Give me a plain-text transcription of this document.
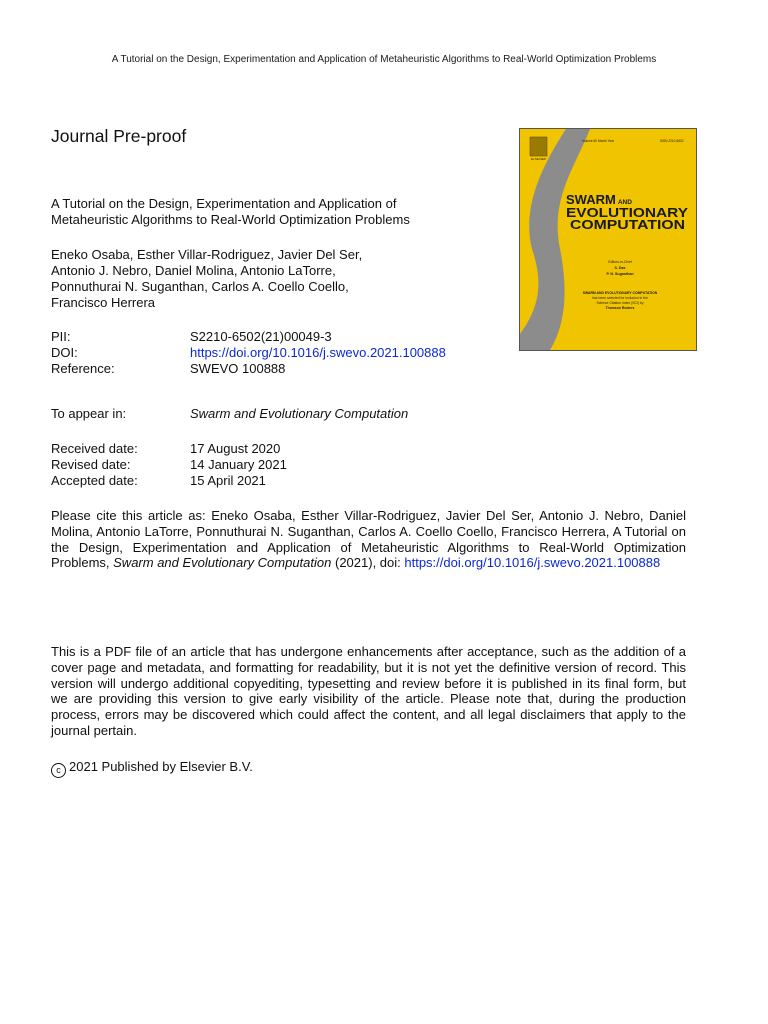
A Tutorial on the Design, Experimentation and Application of Metaheuristic Algorithms to Real-World Optimization Problems
Journal Pre-proof
A Tutorial on the Design, Experimentation and Application of
Metaheuristic Algorithms to Real-World Optimization Problems
Eneko Osaba, Esther Villar-Rodriguez, Javier Del Ser,
Antonio J. Nebro, Daniel Molina, Antonio LaTorre,
Ponnuthurai N. Suganthan, Carlos A. Coello Coello,
Francisco Herrera
PII:	S2210-6502(21)00049-3
DOI:	https://doi.org/10.1016/j.swevo.2021.100888
Reference:	SWEVO 100888
To appear in:	Swarm and Evolutionary Computation
Received date:	17 August 2020
Revised date:	14 January 2021
Accepted date:	15 April 2021
Please cite this article as: Eneko Osaba, Esther Villar-Rodriguez, Javier Del Ser, Antonio J. Nebro, Daniel Molina, Antonio LaTorre, Ponnuthurai N. Suganthan, Carlos A. Coello Coello, Francisco Herrera, A Tutorial on the Design, Experimentation and Application of Metaheuristic Algorithms to Real-World Optimization Problems, Swarm and Evolutionary Computation (2021), doi: https://doi.org/10.1016/j.swevo.2021.100888
This is a PDF file of an article that has undergone enhancements after acceptance, such as the addition of a cover page and metadata, and formatting for readability, but it is not yet the definitive version of record. This version will undergo additional copyediting, typesetting and review before it is published in its final form, but we are providing this version to give early visibility of the article. Please note that, during the production process, errors may be discovered which could affect the content, and all legal disclaimers that apply to the journal pertain.
c 2021 Published by Elsevier B.V.
ELSEVIER
Volume 60 Month Year	ISSN 2210-6502
SWARM AND
EVOLUTIONARY
COMPUTATION
Editors-in-Chief
S. Das
P. N. Suganthan
SWARM AND EVOLUTIONARY COMPUTATION
has been selected for inclusion in the
Science Citation Index (SCI) by
Thomson Reuters
